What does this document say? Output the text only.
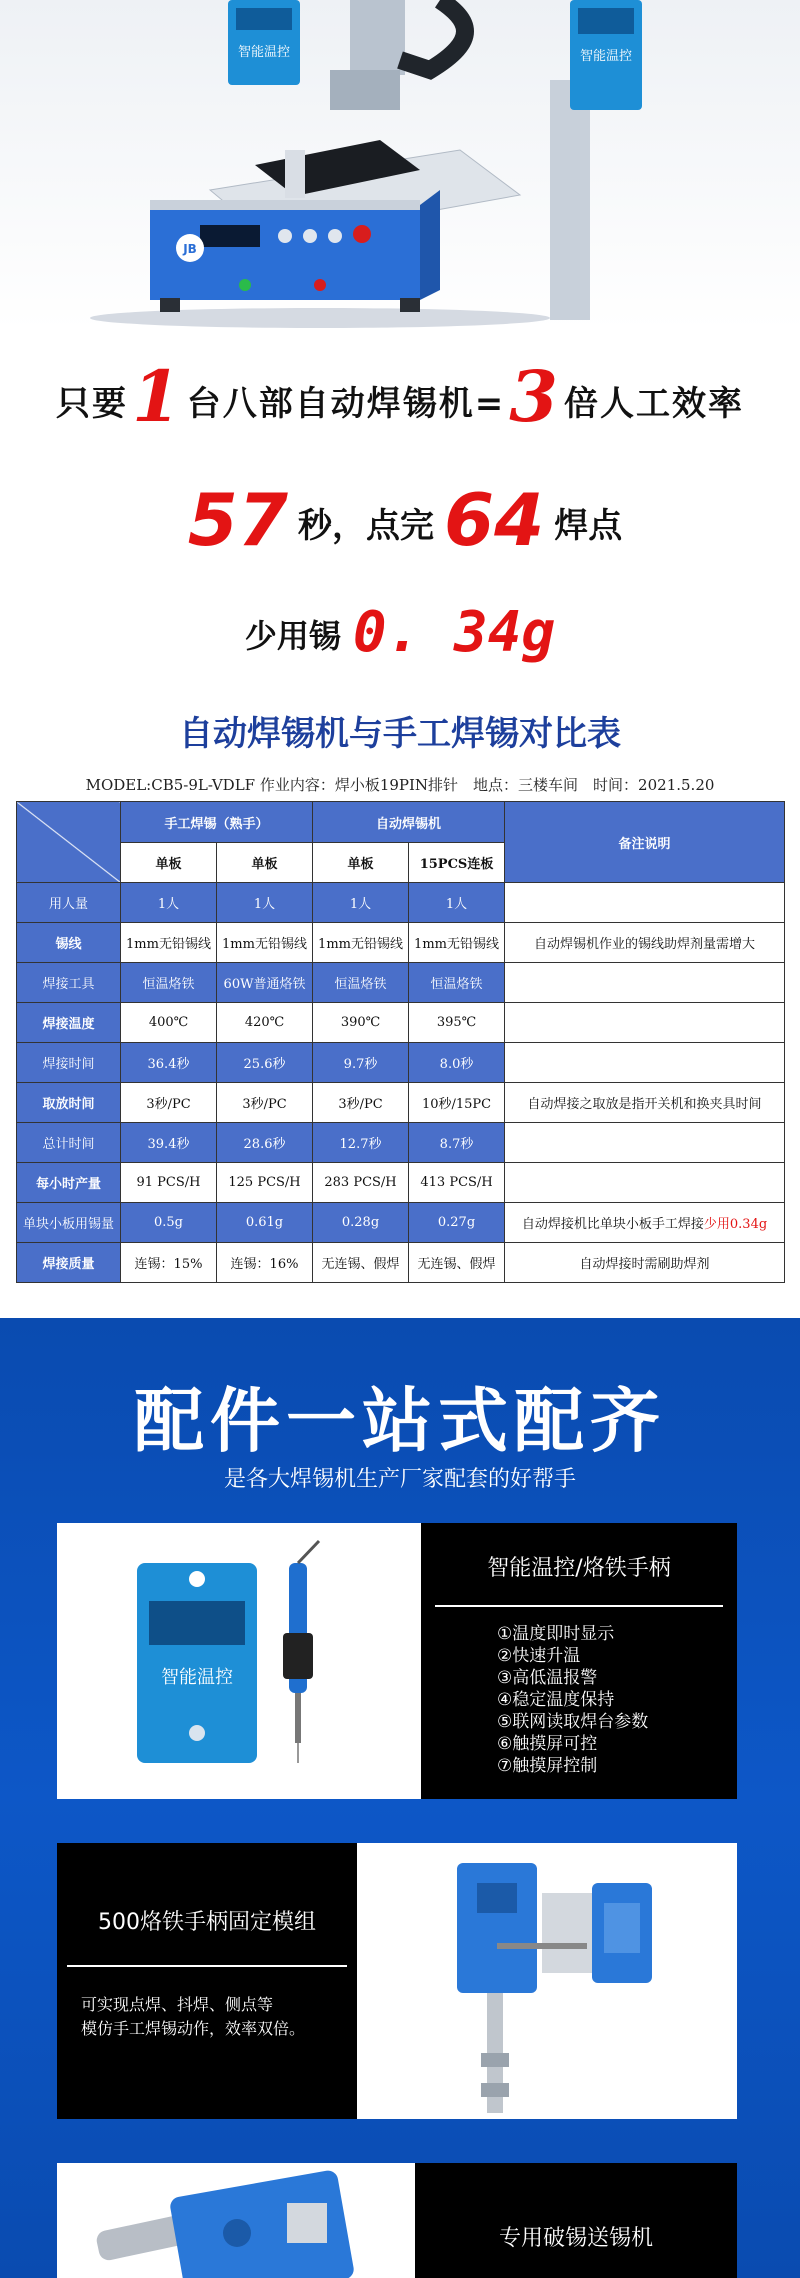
智能温控	智能温控
JB
只要1 台八部自动焊锡机=3 倍人工效率
57 秒，点完 64 焊点
少用锡 0. 34g
自动焊锡机与手工焊锡对比表
MODEL:CB5-9L-VDLF 作业内容：焊小板19PIN排针　地点：三楼车间　时间：2021.5.20
	手工焊锡（熟手）		自动焊锡机		备注说明
	单板	单板	单板	15PCS连板	
用人量	1人	1人	1人	1人	
锡线	1mm无铅锡线	1mm无铅锡线	1mm无铅锡线	1mm无铅锡线	自动焊锡机作业的锡线助焊剂量需增大
焊接工具	恒温烙铁	60W普通烙铁	恒温烙铁	恒温烙铁	
焊接温度	400℃	420℃	390℃	395℃	
焊接时间	36.4秒	25.6秒	9.7秒	8.0秒	
取放时间	3秒/PC	3秒/PC	3秒/PC	10秒/15PC	自动焊接之取放是指开关机和换夹具时间
总计时间	39.4秒	28.6秒	12.7秒	8.7秒	
每小时产量	91 PCS/H	125 PCS/H	283 PCS/H	413 PCS/H	
单块小板用锡量	0.5g	0.61g	0.28g	0.27g	自动焊接机比单块小板手工焊接少用0.34g
焊接质量	连锡：15%	连锡：16%	无连锡、假焊	无连锡、假焊	自动焊接时需刷助焊剂
配件一站式配齐
是各大焊锡机生产厂家配套的好帮手
智能温控
智能温控/烙铁手柄
①温度即时显示
②快速升温
③高低温报警
④稳定温度保持
⑤联网读取焊台参数
⑥触摸屏可控
⑦触摸屏控制
500烙铁手柄固定模组
可实现点焊、抖焊、侧点等
模仿手工焊锡动作，效率双倍。
专用破锡送锡机
